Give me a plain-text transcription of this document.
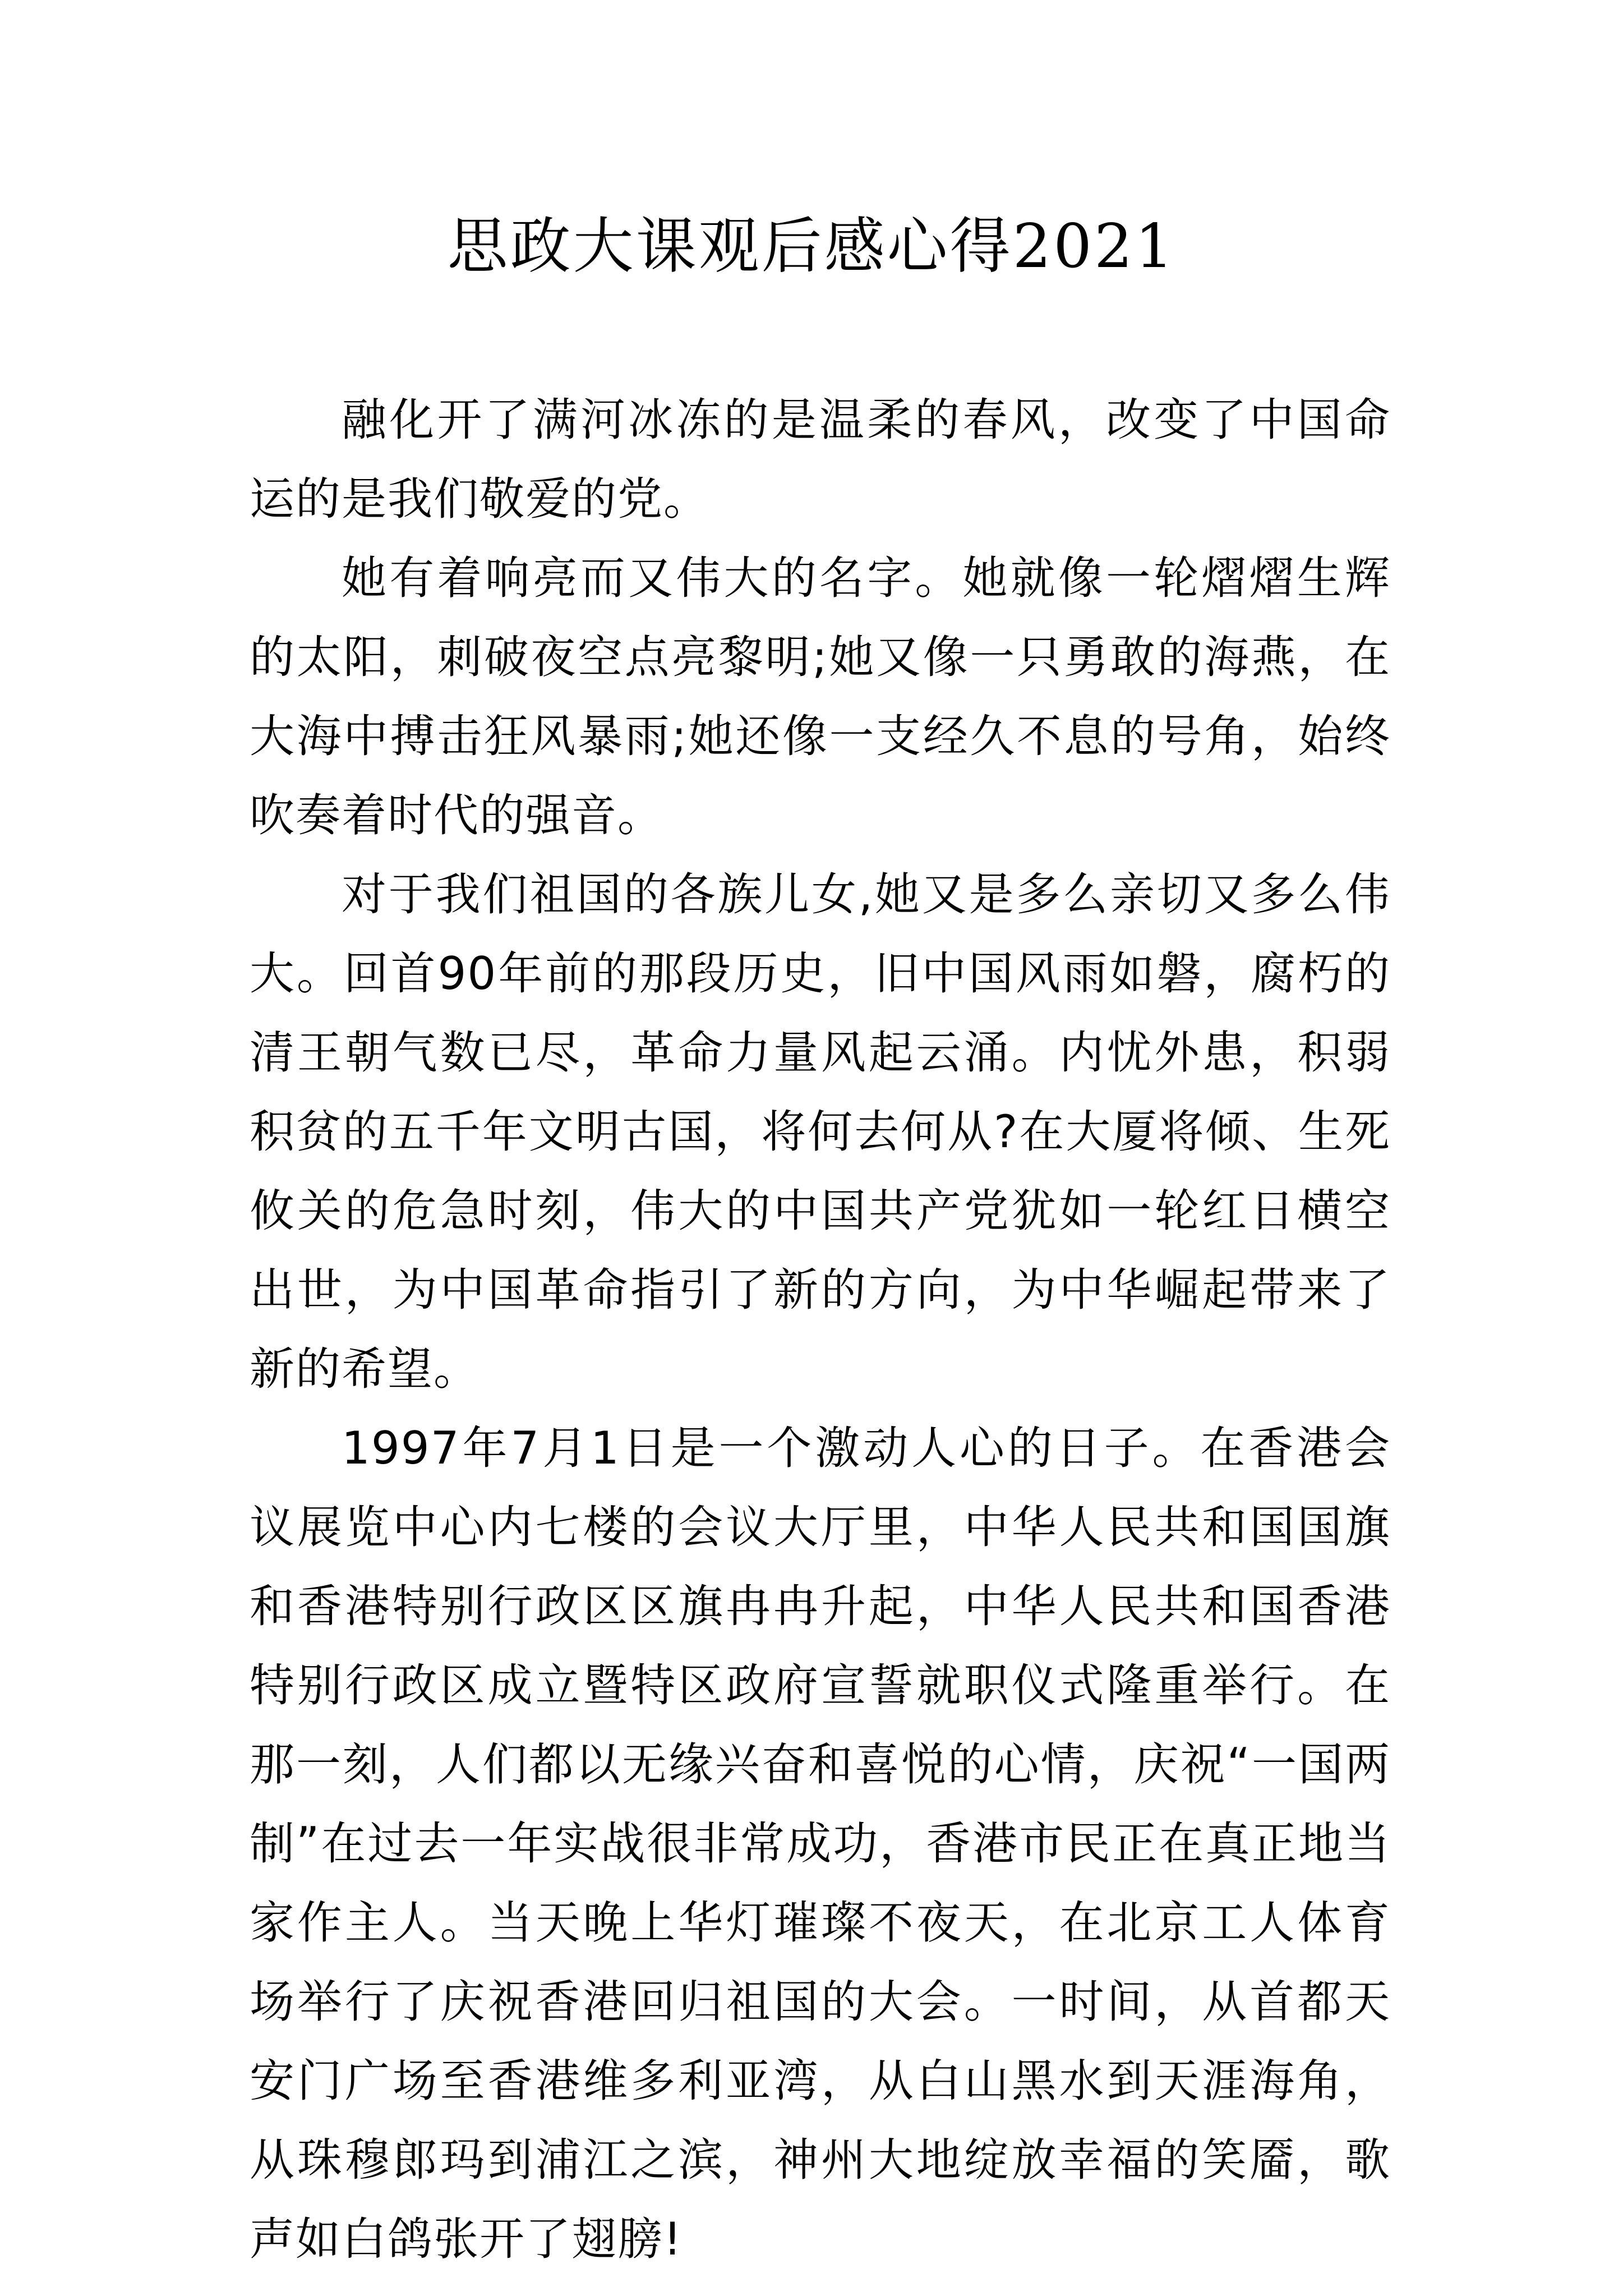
思政大课观后感心得2021

融化开了满河冰冻的是温柔的春风，改变了中国命运的是我们敬爱的党。

她有着响亮而又伟大的名字。她就像一轮熠熠生辉的太阳，刺破夜空点亮黎明;她又像一只勇敢的海燕，在大海中搏击狂风暴雨;她还像一支经久不息的号角，始终吹奏着时代的强音。

对于我们祖国的各族儿女,她又是多么亲切又多么伟大。回首90年前的那段历史，旧中国风雨如磐，腐朽的清王朝气数已尽，革命力量风起云涌。内忧外患，积弱积贫的五千年文明古国，将何去何从?在大厦将倾、生死攸关的危急时刻，伟大的中国共产党犹如一轮红日横空出世，为中国革命指引了新的方向，为中华崛起带来了新的希望。

1997年7月1日是一个激动人心的日子。在香港会议展览中心内七楼的会议大厅里，中华人民共和国国旗和香港特别行政区区旗冉冉升起，中华人民共和国香港特别行政区成立暨特区政府宣誓就职仪式隆重举行。在那一刻，人们都以无缘兴奋和喜悦的心情，庆祝“一国两制”在过去一年实战很非常成功，香港市民正在真正地当家作主人。当天晚上华灯璀璨不夜天，在北京工人体育场举行了庆祝香港回归祖国的大会。一时间，从首都天安门广场至香港维多利亚湾，从白山黑水到天涯海角，从珠穆郎玛到浦江之滨，神州大地绽放幸福的笑靥，歌声如白鸽张开了翅膀!
